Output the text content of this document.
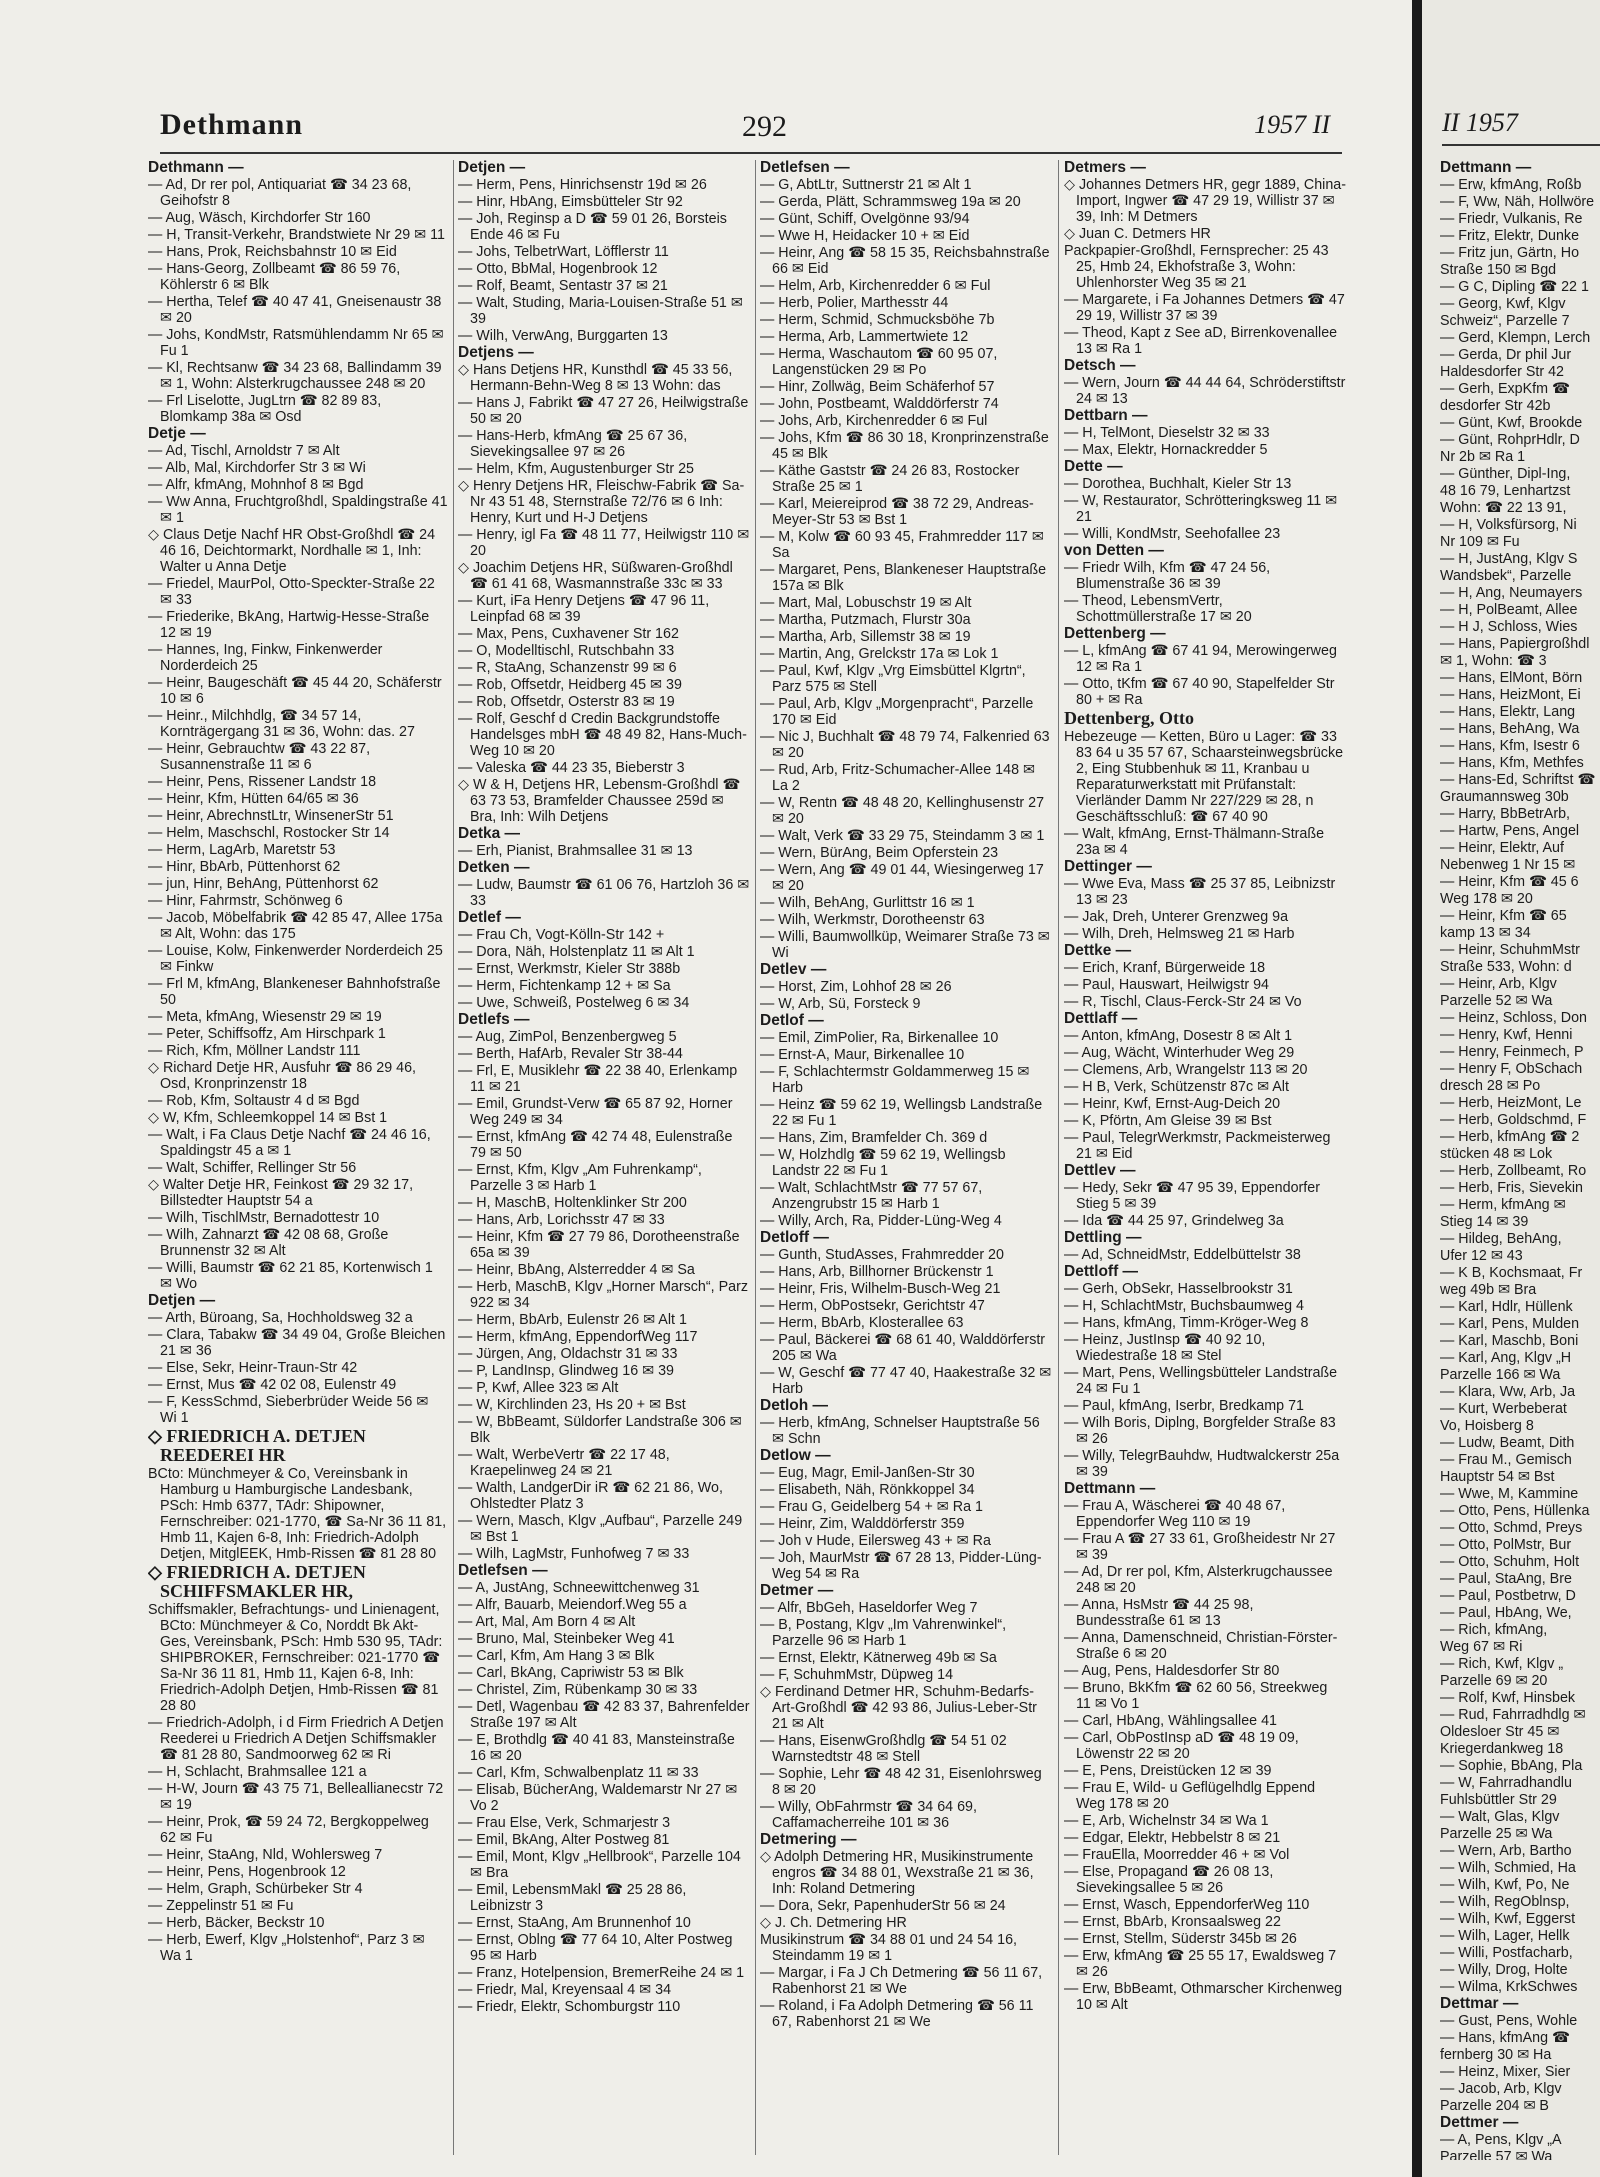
Dethmann	292	1957 II
Dethmann —
— Ad, Dr rer pol, Antiquariat ☎ 34 23 68, Geihofstr 8
— Aug, Wäsch, Kirchdorfer Str 160
— H, Transit-Verkehr, Brandstwiete Nr 29 ✉ 11
— Hans, Prok, Reichsbahnstr 10 ✉ Eid
— Hans-Georg, Zollbeamt ☎ 86 59 76, Köhlerstr 6 ✉ Blk
— Hertha, Telef ☎ 40 47 41, Gneisenaustr 38 ✉ 20
— Johs, KondMstr, Ratsmühlendamm Nr 65 ✉ Fu 1
— Kl, Rechtsanw ☎ 34 23 68, Ballindamm 39 ✉ 1, Wohn: Alsterkrugchaussee 248 ✉ 20
— Frl Liselotte, JugLtrn ☎ 82 89 83, Blomkamp 38a ✉ Osd
Detje —
— Ad, Tischl, Arnoldstr 7 ✉ Alt
— Alb, Mal, Kirchdorfer Str 3 ✉ Wi
— Alfr, kfmAng, Mohnhof 8 ✉ Bgd
— Ww Anna, Fruchtgroßhdl, Spaldingstraße 41 ✉ 1
◇ Claus Detje Nachf HR Obst-Großhdl ☎ 24 46 16, Deichtormarkt, Nordhalle ✉ 1, Inh: Walter u Anna Detje
— Friedel, MaurPol, Otto-Speckter-Straße 22 ✉ 33
— Friederike, BkAng, Hartwig-Hesse-Straße 12 ✉ 19
— Hannes, Ing, Finkw, Finkenwerder Norderdeich 25
— Heinr, Baugeschäft ☎ 45 44 20, Schäferstr 10 ✉ 6
— Heinr., Milchhdlg, ☎ 34 57 14, Kornträgergang 31 ✉ 36, Wohn: das. 27
— Heinr, Gebrauchtw ☎ 43 22 87, Susannenstraße 11 ✉ 6
— Heinr, Pens, Rissener Landstr 18
— Heinr, Kfm, Hütten 64/65 ✉ 36
— Heinr, AbrechnstLtr, WinsenerStr 51
— Helm, Maschschl, Rostocker Str 14
— Herm, LagArb, Maretstr 53
— Hinr, BbArb, Püttenhorst 62
— jun, Hinr, BehAng, Püttenhorst 62
— Hinr, Fahrmstr, Schönweg 6
— Jacob, Möbelfabrik ☎ 42 85 47, Allee 175a ✉ Alt, Wohn: das 175
— Louise, Kolw, Finkenwerder Norderdeich 25 ✉ Finkw
— Frl M, kfmAng, Blankeneser Bahnhofstraße 50
— Meta, kfmAng, Wiesenstr 29 ✉ 19
— Peter, Schiffsoffz, Am Hirschpark 1
— Rich, Kfm, Möllner Landstr 111
◇ Richard Detje HR, Ausfuhr ☎ 86 29 46, Osd, Kronprinzenstr 18
— Rob, Kfm, Soltaustr 4 d ✉ Bgd
◇ W, Kfm, Schleemkoppel 14 ✉ Bst 1
— Walt, i Fa Claus Detje Nachf ☎ 24 46 16, Spaldingstr 45 a ✉ 1
— Walt, Schiffer, Rellinger Str 56
◇ Walter Detje HR, Feinkost ☎ 29 32 17, Billstedter Hauptstr 54 a
— Wilh, TischlMstr, Bernadottestr 10
— Wilh, Zahnarzt ☎ 42 08 68, Große Brunnenstr 32 ✉ Alt
— Willi, Baumstr ☎ 62 21 85, Kortenwisch 1 ✉ Wo
Detjen —
— Arth, Büroang, Sa, Hochholdsweg 32 a
— Clara, Tabakw ☎ 34 49 04, Große Bleichen 21 ✉ 36
— Else, Sekr, Heinr-Traun-Str 42
— Ernst, Mus ☎ 42 02 08, Eulenstr 49
— F, KessSchmd, Sieberbrüder Weide 56 ✉ Wi 1
◇ FRIEDRICH A. DETJEN REEDEREI HR
BCto: Münchmeyer & Co, Vereinsbank in Hamburg u Hamburgische Landesbank, PSch: Hmb 6377, TAdr: Shipowner, Fernschreiber: 021-1770, ☎ Sa-Nr 36 11 81, Hmb 11, Kajen 6-8, Inh: Friedrich-Adolph Detjen, MitglEEK, Hmb-Rissen ☎ 81 28 80
◇ FRIEDRICH A. DETJEN SCHIFFSMAKLER HR,
Schiffsmakler, Befrachtungs- und Linienagent, BCto: Münchmeyer & Co, Norddt Bk Akt-Ges, Vereinsbank, PSch: Hmb 530 95, TAdr: SHIPBROKER, Fernschreiber: 021-1770 ☎ Sa-Nr 36 11 81, Hmb 11, Kajen 6-8, Inh: Friedrich-Adolph Detjen, Hmb-Rissen ☎ 81 28 80
— Friedrich-Adolph, i d Firm Friedrich A Detjen Reederei u Friedrich A Detjen Schiffsmakler ☎ 81 28 80, Sandmoorweg 62 ✉ Ri
— H, Schlacht, Brahmsallee 121 a
— H-W, Journ ☎ 43 75 71, Belleallianecstr 72 ✉ 19
— Heinr, Prok, ☎ 59 24 72, Bergkoppelweg 62 ✉ Fu
— Heinr, StaAng, Nld, Wohlersweg 7
— Heinr, Pens, Hogenbrook 12
— Helm, Graph, Schürbeker Str 4
— Zeppelinstr 51 ✉ Fu
— Herb, Bäcker, Beckstr 10
— Herb, Ewerf, Klgv „Holstenhof“, Parz 3 ✉ Wa 1
Detjen —
— Herm, Pens, Hinrichsenstr 19d ✉ 26
— Hinr, HbAng, Eimsbütteler Str 92
— Joh, Reginsp a D ☎ 59 01 26, Borsteis Ende 46 ✉ Fu
— Johs, TelbetrWart, Löfflerstr 11
— Otto, BbMal, Hogenbrook 12
— Rolf, Beamt, Sentastr 37 ✉ 21
— Walt, Studing, Maria-Louisen-Straße 51 ✉ 39
— Wilh, VerwAng, Burggarten 13
Detjens —
◇ Hans Detjens HR, Kunsthdl ☎ 45 33 56, Hermann-Behn-Weg 8 ✉ 13 Wohn: das
— Hans J, Fabrikt ☎ 47 27 26, Heilwigstraße 50 ✉ 20
— Hans-Herb, kfmAng ☎ 25 67 36, Sievekingsallee 97 ✉ 26
— Helm, Kfm, Augustenburger Str 25
◇ Henry Detjens HR, Fleischw-Fabrik ☎ Sa-Nr 43 51 48, Sternstraße 72/76 ✉ 6 Inh: Henry, Kurt und H-J Detjens
— Henry, igl Fa ☎ 48 11 77, Heilwigstr 110 ✉ 20
◇ Joachim Detjens HR, Süßwaren-Großhdl ☎ 61 41 68, Wasmannstraße 33c ✉ 33
— Kurt, iFa Henry Detjens ☎ 47 96 11, Leinpfad 68 ✉ 39
— Max, Pens, Cuxhavener Str 162
— O, Modelltischl, Rutschbahn 33
— R, StaAng, Schanzenstr 99 ✉ 6
— Rob, Offsetdr, Heidberg 45 ✉ 39
— Rob, Offsetdr, Osterstr 83 ✉ 19
— Rolf, Geschf d Credin Backgrundstoffe Handelsges mbH ☎ 48 49 82, Hans-Much-Weg 10 ✉ 20
— Valeska ☎ 44 23 35, Bieberstr 3
◇ W & H, Detjens HR, Lebensm-Großhdl ☎ 63 73 53, Bramfelder Chaussee 259d ✉ Bra, Inh: Wilh Detjens
Detka —
— Erh, Pianist, Brahmsallee 31 ✉ 13
Detken —
— Ludw, Baumstr ☎ 61 06 76, Hartzloh 36 ✉ 33
Detlef —
— Frau Ch, Vogt-Kölln-Str 142 +
— Dora, Näh, Holstenplatz 11 ✉ Alt 1
— Ernst, Werkmstr, Kieler Str 388b
— Herm, Fichtenkamp 12 + ✉ Sa
— Uwe, Schweiß, Postelweg 6 ✉ 34
Detlefs —
— Aug, ZimPol, Benzenbergweg 5
— Berth, HafArb, Revaler Str 38-44
— Frl, E, Musiklehr ☎ 22 38 40, Erlenkamp 11 ✉ 21
— Emil, Grundst-Verw ☎ 65 87 92, Horner Weg 249 ✉ 34
— Ernst, kfmAng ☎ 42 74 48, Eulenstraße 79 ✉ 50
— Ernst, Kfm, Klgv „Am Fuhrenkamp“, Parzelle 3 ✉ Harb 1
— H, MaschB, Holtenklinker Str 200
— Hans, Arb, Lorichsstr 47 ✉ 33
— Heinr, Kfm ☎ 27 79 86, Dorotheenstraße 65a ✉ 39
— Heinr, BbAng, Alsterredder 4 ✉ Sa
— Herb, MaschB, Klgv „Horner Marsch“, Parz 922 ✉ 34
— Herm, BbArb, Eulenstr 26 ✉ Alt 1
— Herm, kfmAng, EppendorfWeg 117
— Jürgen, Ang, Oldachstr 31 ✉ 33
— P, LandInsp, Glindweg 16 ✉ 39
— P, Kwf, Allee 323 ✉ Alt
— W, Kirchlinden 23, Hs 20 + ✉ Bst
— W, BbBeamt, Süldorfer Landstraße 306 ✉ Blk
— Walt, WerbeVertr ☎ 22 17 48, Kraepelinweg 24 ✉ 21
— Walth, LandgerDir iR ☎ 62 21 86, Wo, Ohlstedter Platz 3
— Wern, Masch, Klgv „Aufbau“, Parzelle 249 ✉ Bst 1
— Wilh, LagMstr, Funhofweg 7 ✉ 33
Detlefsen —
— A, JustAng, Schneewittchenweg 31
— Alfr, Bauarb, Meiendorf.Weg 55 a
— Art, Mal, Am Born 4 ✉ Alt
— Bruno, Mal, Steinbeker Weg 41
— Carl, Kfm, Am Hang 3 ✉ Blk
— Carl, BkAng, Capriwistr 53 ✉ Blk
— Christel, Zim, Rübenkamp 30 ✉ 33
— Detl, Wagenbau ☎ 42 83 37, Bahrenfelder Straße 197 ✉ Alt
— E, Brothdlg ☎ 40 41 83, Mansteinstraße 16 ✉ 20
— Carl, Kfm, Schwalbenplatz 11 ✉ 33
— Elisab, BücherAng, Waldemarstr Nr 27 ✉ Vo 2
— Frau Else, Verk, Schmarjestr 3
— Emil, BkAng, Alter Postweg 81
— Emil, Mont, Klgv „Hellbrook“, Parzelle 104 ✉ Bra
— Emil, LebensmMakl ☎ 25 28 86, Leibnizstr 3
— Ernst, StaAng, Am Brunnenhof 10
— Ernst, Oblng ☎ 77 64 10, Alter Postweg 95 ✉ Harb
— Franz, Hotelpension, BremerReihe 24 ✉ 1
— Friedr, Mal, Kreyensaal 4 ✉ 34
— Friedr, Elektr, Schomburgstr 110
Detlefsen —
— G, AbtLtr, Suttnerstr 21 ✉ Alt 1
— Gerda, Plätt, Schrammsweg 19a ✉ 20
— Günt, Schiff, Ovelgönne 93/94
— Wwe H, Heidacker 10 + ✉ Eid
— Heinr, Ang ☎ 58 15 35, Reichsbahnstraße 66 ✉ Eid
— Helm, Arb, Kirchenredder 6 ✉ Ful
— Herb, Polier, Marthesstr 44
— Herm, Schmid, Schmucksböhe 7b
— Herma, Arb, Lammertwiete 12
— Herma, Waschautom ☎ 60 95 07, Langenstücken 29 ✉ Po
— Hinr, Zollwäg, Beim Schäferhof 57
— John, Postbeamt, Walddörferstr 74
— Johs, Arb, Kirchenredder 6 ✉ Ful
— Johs, Kfm ☎ 86 30 18, Kronprinzenstraße 45 ✉ Blk
— Käthe Gaststr ☎ 24 26 83, Rostocker Straße 25 ✉ 1
— Karl, Meiereiprod ☎ 38 72 29, Andreas-Meyer-Str 53 ✉ Bst 1
— M, Kolw ☎ 60 93 45, Frahmredder 117 ✉ Sa
— Margaret, Pens, Blankeneser Hauptstraße 157a ✉ Blk
— Mart, Mal, Lobuschstr 19 ✉ Alt
— Martha, Putzmach, Flurstr 30a
— Martha, Arb, Sillemstr 38 ✉ 19
— Martin, Ang, Grelckstr 17a ✉ Lok 1
— Paul, Kwf, Klgv „Vrg Eimsbüttel Klgrtn“, Parz 575 ✉ Stell
— Paul, Arb, Klgv „Morgenpracht“, Parzelle 170 ✉ Eid
— Nic J, Buchhalt ☎ 48 79 74, Falkenried 63 ✉ 20
— Rud, Arb, Fritz-Schumacher-Allee 148 ✉ La 2
— W, Rentn ☎ 48 48 20, Kellinghusenstr 27 ✉ 20
— Walt, Verk ☎ 33 29 75, Steindamm 3 ✉ 1
— Wern, BürAng, Beim Opferstein 23
— Wern, Ang ☎ 49 01 44, Wiesingerweg 17 ✉ 20
— Wilh, BehAng, Gurlittstr 16 ✉ 1
— Wilh, Werkmstr, Dorotheenstr 63
— Willi, Baumwollküp, Weimarer Straße 73 ✉ Wi
Detlev —
— Horst, Zim, Lohhof 28 ✉ 26
— W, Arb, Sü, Forsteck 9
Detlof —
— Emil, ZimPolier, Ra, Birkenallee 10
— Ernst-A, Maur, Birkenallee 10
— F, Schlachtermstr Goldammerweg 15 ✉ Harb
— Heinz ☎ 59 62 19, Wellingsb Landstraße 22 ✉ Fu 1
— Hans, Zim, Bramfelder Ch. 369 d
— W, Holzhdlg ☎ 59 62 19, Wellingsb Landstr 22 ✉ Fu 1
— Walt, SchlachtMstr ☎ 77 57 67, Anzengrubstr 15 ✉ Harb 1
— Willy, Arch, Ra, Pidder-Lüng-Weg 4
Detloff —
— Gunth, StudAsses, Frahmredder 20
— Hans, Arb, Billhorner Brückenstr 1
— Heinr, Fris, Wilhelm-Busch-Weg 21
— Herm, ObPostsekr, Gerichtstr 47
— Herm, BbArb, Klosterallee 63
— Paul, Bäckerei ☎ 68 61 40, Walddörferstr 205 ✉ Wa
— W, Geschf ☎ 77 47 40, Haakestraße 32 ✉ Harb
Detloh —
— Herb, kfmAng, Schnelser Hauptstraße 56 ✉ Schn
Detlow —
— Eug, Magr, Emil-Janßen-Str 30
— Elisabeth, Näh, Rönkkoppel 34
— Frau G, Geidelberg 54 + ✉ Ra 1
— Heinr, Zim, Walddörferstr 359
— Joh v Hude, Eilersweg 43 + ✉ Ra
— Joh, MaurMstr ☎ 67 28 13, Pidder-Lüng-Weg 54 ✉ Ra
Detmer —
— Alfr, BbGeh, Haseldorfer Weg 7
— B, Postang, Klgv „Im Vahrenwinkel“, Parzelle 96 ✉ Harb 1
— Ernst, Elektr, Kätnerweg 49b ✉ Sa
— F, SchuhmMstr, Düpweg 14
◇ Ferdinand Detmer HR, Schuhm-Bedarfs-Art-Großhdl ☎ 42 93 86, Julius-Leber-Str 21 ✉ Alt
— Hans, EisenwGroßhdlg ☎ 54 51 02 Warnstedtstr 48 ✉ Stell
— Sophie, Lehr ☎ 48 42 31, Eisenlohrsweg 8 ✉ 20
— Willy, ObFahrmstr ☎ 34 64 69, Caffamacherreihe 101 ✉ 36
Detmering —
◇ Adolph Detmering HR, Musikinstrumente engros ☎ 34 88 01, Wexstraße 21 ✉ 36, Inh: Roland Detmering
— Dora, Sekr, PapenhuderStr 56 ✉ 24
◇ J. Ch. Detmering HR
Musikinstrum ☎ 34 88 01 und 24 54 16, Steindamm 19 ✉ 1
— Margar, i Fa J Ch Detmering ☎ 56 11 67, Rabenhorst 21 ✉ We
— Roland, i Fa Adolph Detmering ☎ 56 11 67, Rabenhorst 21 ✉ We
Detmers —
◇ Johannes Detmers HR, gegr 1889, China-Import, Ingwer ☎ 47 29 19, Willistr 37 ✉ 39, Inh: M Detmers
◇ Juan C. Detmers HR
Packpapier-Großhdl, Fernsprecher: 25 43 25, Hmb 24, Ekhofstraße 3, Wohn: Uhlenhorster Weg 35 ✉ 21
— Margarete, i Fa Johannes Detmers ☎ 47 29 19, Willistr 37 ✉ 39
— Theod, Kapt z See aD, Birrenkovenallee 13 ✉ Ra 1
Detsch —
— Wern, Journ ☎ 44 44 64, Schröderstiftstr 24 ✉ 13
Dettbarn —
— H, TelMont, Dieselstr 32 ✉ 33
— Max, Elektr, Hornackredder 5
Dette —
— Dorothea, Buchhalt, Kieler Str 13
— W, Restaurator, Schrötteringksweg 11 ✉ 21
— Willi, KondMstr, Seehofallee 23
von Detten —
— Friedr Wilh, Kfm ☎ 47 24 56, Blumenstraße 36 ✉ 39
— Theod, LebensmVertr, Schottmüllerstraße 17 ✉ 20
Dettenberg —
— L, kfmAng ☎ 67 41 94, Merowingerweg 12 ✉ Ra 1
— Otto, tKfm ☎ 67 40 90, Stapelfelder Str 80 + ✉ Ra
Dettenberg, Otto
Hebezeuge — Ketten, Büro u Lager: ☎ 33 83 64 u 35 57 67, Schaarsteinwegsbrücke 2, Eing Stubbenhuk ✉ 11, Kranbau u Reparaturwerkstatt mit Prüfanstalt: Vierländer Damm Nr 227/229 ✉ 28, n Geschäftsschluß: ☎ 67 40 90
— Walt, kfmAng, Ernst-Thälmann-Straße 23a ✉ 4
Dettinger —
— Wwe Eva, Mass ☎ 25 37 85, Leibnizstr 13 ✉ 23
— Jak, Dreh, Unterer Grenzweg 9a
— Wilh, Dreh, Helmsweg 21 ✉ Harb
Dettke —
— Erich, Kranf, Bürgerweide 18
— Paul, Hauswart, Heilwigstr 94
— R, Tischl, Claus-Ferck-Str 24 ✉ Vo
Dettlaff —
— Anton, kfmAng, Dosestr 8 ✉ Alt 1
— Aug, Wächt, Winterhuder Weg 29
— Clemens, Arb, Wrangelstr 113 ✉ 20
— H B, Verk, Schützenstr 87c ✉ Alt
— Heinr, Kwf, Ernst-Aug-Deich 20
— K, Pförtn, Am Gleise 39 ✉ Bst
— Paul, TelegrWerkmstr, Packmeisterweg 21 ✉ Eid
Dettlev —
— Hedy, Sekr ☎ 47 95 39, Eppendorfer Stieg 5 ✉ 39
— Ida ☎ 44 25 97, Grindelweg 3a
Dettling —
— Ad, SchneidMstr, Eddelbüttelstr 38
Dettloff —
— Gerh, ObSekr, Hasselbrookstr 31
— H, SchlachtMstr, Buchsbaumweg 4
— Hans, kfmAng, Timm-Kröger-Weg 8
— Heinz, JustInsp ☎ 40 92 10, Wiedestraße 18 ✉ Stel
— Mart, Pens, Wellingsbütteler Landstraße 24 ✉ Fu 1
— Paul, kfmAng, Iserbr, Bredkamp 71
— Wilh Boris, Diplng, Borgfelder Straße 83 ✉ 26
— Willy, TelegrBauhdw, Hudtwalckerstr 25a ✉ 39
Dettmann —
— Frau A, Wäscherei ☎ 40 48 67, Eppendorfer Weg 110 ✉ 19
— Frau A ☎ 27 33 61, Großheidestr Nr 27 ✉ 39
— Ad, Dr rer pol, Kfm, Alsterkrugchaussee 248 ✉ 20
— Anna, HsMstr ☎ 44 25 98, Bundesstraße 61 ✉ 13
— Anna, Damenschneid, Christian-Förster-Straße 6 ✉ 20
— Aug, Pens, Haldesdorfer Str 80
— Bruno, BkKfm ☎ 62 60 56, Streekweg 11 ✉ Vo 1
— Carl, HbAng, Wählingsallee 41
— Carl, ObPostInsp aD ☎ 48 19 09, Löwenstr 22 ✉ 20
— E, Pens, Dreistücken 12 ✉ 39
— Frau E, Wild- u Geflügelhdlg Eppend Weg 178 ✉ 20
— E, Arb, Wichelnstr 34 ✉ Wa 1
— Edgar, Elektr, Hebbelstr 8 ✉ 21
— FrauElla, Moorredder 46 + ✉ Vol
— Else, Propagand ☎ 26 08 13, Sievekingsallee 5 ✉ 26
— Ernst, Wasch, EppendorferWeg 110
— Ernst, BbArb, Kronsaalsweg 22
— Ernst, Stellm, Süderstr 345b ✉ 26
— Erw, kfmAng ☎ 25 55 17, Ewaldsweg 7 ✉ 26
— Erw, BbBeamt, Othmarscher Kirchenweg 10 ✉ Alt
II 1957
Dettmann —
— Erw, kfmAng, Roßb
— F, Ww, Näh, Hollwöre
— Friedr, Vulkanis, Re
— Fritz, Elektr, Dunke
— Fritz jun, Gärtn, Ho
Straße 150 ✉ Bgd
— G C, Dipling ☎ 22 1
— Georg, Kwf, Klgv
Schweiz“, Parzelle 7
— Gerd, Klempn, Lerch
— Gerda, Dr phil Jur
Haldesdorfer Str 42
— Gerh, ExpKfm ☎
desdorfer Str 42b
— Günt, Kwf, Brookde
— Günt, RohprHdlr, D
Nr 2b ✉ Ra 1
— Günther, Dipl-Ing,
48 16 79, Lenhartzst
Wohn: ☎ 22 13 91,
— H, Volksfürsorg, Ni
Nr 109 ✉ Fu
— H, JustAng, Klgv S
Wandsbek“, Parzelle
— H, Ang, Neumayers
— H, PolBeamt, Allee
— H J, Schloss, Wies
— Hans, Papiergroßhdl
✉ 1, Wohn: ☎ 3
— Hans, ElMont, Börn
— Hans, HeizMont, Ei
— Hans, Elektr, Lang
— Hans, BehAng, Wa
— Hans, Kfm, Isestr 6
— Hans, Kfm, Methfes
— Hans-Ed, Schriftst ☎
Graumannsweg 30b
— Harry, BbBetrArb,
— Hartw, Pens, Angel
— Heinr, Elektr, Auf
Nebenweg 1 Nr 15 ✉
— Heinr, Kfm ☎ 45 6
Weg 178 ✉ 20
— Heinr, Kfm ☎ 65
kamp 13 ✉ 34
— Heinr, SchuhmMstr
Straße 533, Wohn: d
— Heinr, Arb, Klgv
Parzelle 52 ✉ Wa
— Heinz, Schloss, Don
— Henry, Kwf, Henni
— Henry, Feinmech, P
— Henry F, ObSchach
dresch 28 ✉ Po
— Herb, HeizMont, Le
— Herb, Goldschmd, F
— Herb, kfmAng ☎ 2
stücken 48 ✉ Lok
— Herb, Zollbeamt, Ro
— Herb, Fris, Sievekin
— Herm, kfmAng ✉
Stieg 14 ✉ 39
— Hildeg, BehAng,
Ufer 12 ✉ 43
— K B, Kochsmaat, Fr
weg 49b ✉ Bra
— Karl, Hdlr, Hüllenk
— Karl, Pens, Mulden
— Karl, Maschb, Boni
— Karl, Ang, Klgv „H
Parzelle 166 ✉ Wa
— Klara, Ww, Arb, Ja
— Kurt, Werbeberat
Vo, Hoisberg 8
— Ludw, Beamt, Dith
— Frau M., Gemisch
Hauptstr 54 ✉ Bst
— Wwe, M, Kammine
— Otto, Pens, Hüllenka
— Otto, Schmd, Preys
— Otto, PolMstr, Bur
— Otto, Schuhm, Holt
— Paul, StaAng, Bre
— Paul, Postbetrw, D
— Paul, HbAng, We,
— Rich, kfmAng,
Weg 67 ✉ Ri
— Rich, Kwf, Klgv „
Parzelle 69 ✉ 20
— Rolf, Kwf, Hinsbek
— Rud, Fahrradhdlg ✉
Oldesloer Str 45 ✉
Kriegerdankweg 18
— Sophie, BbAng, Pla
— W, Fahrradhandlu
Fuhlsbüttler Str 29
— Walt, Glas, Klgv
Parzelle 25 ✉ Wa
— Wern, Arb, Bartho
— Wilh, Schmied, Ha
— Wilh, Kwf, Po, Ne
— Wilh, RegOblnsp,
— Wilh, Kwf, Eggerst
— Wilh, Lager, Hellk
— Willi, Postfacharb,
— Willy, Drog, Holte
— Wilma, KrkSchwes
Dettmar —
— Gust, Pens, Wohle
— Hans, kfmAng ☎
fernberg 30 ✉ Ha
— Heinz, Mixer, Sier
— Jacob, Arb, Klgv
Parzelle 204 ✉ B
Dettmer —
— A, Pens, Klgv „A
Parzelle 57 ✉ Wa
